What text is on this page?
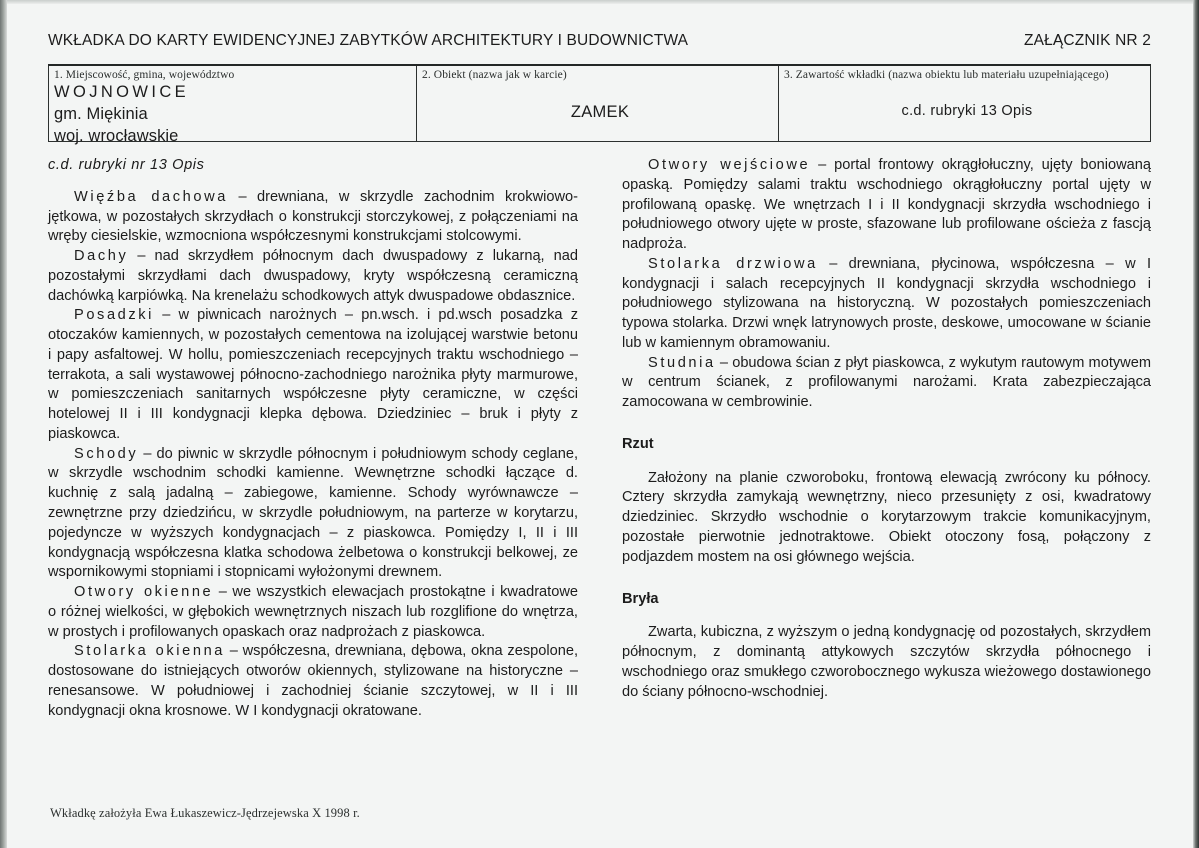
WKŁADKA DO KARTY EWIDENCYJNEJ ZABYTKÓW ARCHITEKTURY I BUDOWNICTWA	ZAŁĄCZNIK NR 2
1. Miejscowość, gmina, województwo
WOJNOWICE
gm. Miękinia
woj. wrocławskie
2. Obiekt (nazwa jak w karcie)
ZAMEK
3. Zawartość wkładki (nazwa obiektu lub materiału uzupełniającego)
c.d. rubryki 13 Opis
c.d. rubryki nr 13 Opis

Więźba dachowa – drewniana, w skrzydle zachodnim krokwiowo-jętkowa, w pozostałych skrzydłach o konstrukcji storczykowej, z połączeniami na wręby ciesielskie, wzmocniona współczesnymi konstrukcjami stolcowymi.

Dachy – nad skrzydłem północnym dach dwuspadowy z lukarną, nad pozostałymi skrzydłami dach dwuspadowy, kryty współczesną ceramiczną dachówką karpiówką. Na krenelażu schodkowych attyk dwuspadowe obdasznice.

Posadzki – w piwnicach narożnych – pn.wsch. i pd.wsch posadzka z otoczaków kamiennych, w pozostałych cementowa na izolującej warstwie betonu i papy asfaltowej. W hollu, pomieszczeniach recepcyjnych traktu wschodniego – terrakota, a sali wystawowej północno-zachodniego narożnika płyty marmurowe, w pomieszczeniach sanitarnych współczesne płyty ceramiczne, w części hotelowej II i III kondygnacji klepka dębowa. Dziedziniec – bruk i płyty z piaskowca.

Schody – do piwnic w skrzydle północnym i południowym schody ceglane, w skrzydle wschodnim schodki kamienne. Wewnętrzne schodki łączące d. kuchnię z salą jadalną – zabiegowe, kamienne. Schody wyrównawcze – zewnętrzne przy dziedzińcu, w skrzydle południowym, na parterze w korytarzu, pojedyncze w wyższych kondygnacjach – z piaskowca. Pomiędzy I, II i III kondygnacją współczesna klatka schodowa żelbetowa o konstrukcji belkowej, ze wspornikowymi stopniami i stopnicami wyłożonymi drewnem.

Otwory okienne – we wszystkich elewacjach prostokątne i kwadratowe o różnej wielkości, w głębokich wewnętrznych niszach lub rozglifione do wnętrza, w prostych i profilowanych opaskach oraz nadprożach z piaskowca.

Stolarka okienna – współczesna, drewniana, dębowa, okna zespolone, dostosowane do istniejących otworów okiennych, stylizowane na historyczne – renesansowe. W południowej i zachodniej ścianie szczytowej, w II i III kondygnacji okna krosnowe. W I kondygnacji okratowane.

Otwory wejściowe – portal frontowy okrągłołuczny, ujęty boniowaną opaską. Pomiędzy salami traktu wschodniego okrągłołuczny portal ujęty w profilowaną opaskę. We wnętrzach I i II kondygnacji skrzydła wschodniego i południowego otwory ujęte w proste, sfazowane lub profilowane ościeża z fascją nadproża.

Stolarka drzwiowa – drewniana, płycinowa, współczesna – w I kondygnacji i salach recepcyjnych II kondygnacji skrzydła wschodniego i południowego stylizowana na historyczną. W pozostałych pomieszczeniach typowa stolarka. Drzwi wnęk latrynowych proste, deskowe, umocowane w ścianie lub w kamiennym obramowaniu.

Studnia – obudowa ścian z płyt piaskowca, z wykutym rautowym motywem w centrum ścianek, z profilowanymi narożami. Krata zabezpieczająca zamocowana w cembrowinie.

Rzut

Założony na planie czworoboku, frontową elewacją zwrócony ku północy. Cztery skrzydła zamykają wewnętrzny, nieco przesunięty z osi, kwadratowy dziedziniec. Skrzydło wschodnie o korytarzowym trakcie komunikacyjnym, pozostałe pierwotnie jednotraktowe. Obiekt otoczony fosą, połączony z podjazdem mostem na osi głównego wejścia.

Bryła

Zwarta, kubiczna, z wyższym o jedną kondygnację od pozostałych, skrzydłem północnym, z dominantą attykowych szczytów skrzydła północnego i wschodniego oraz smukłego czworobocznego wykusza wieżowego dostawionego do ściany północno-wschodniej.

Wkładkę założyła Ewa Łukaszewicz-Jędrzejewska X 1998 r.
